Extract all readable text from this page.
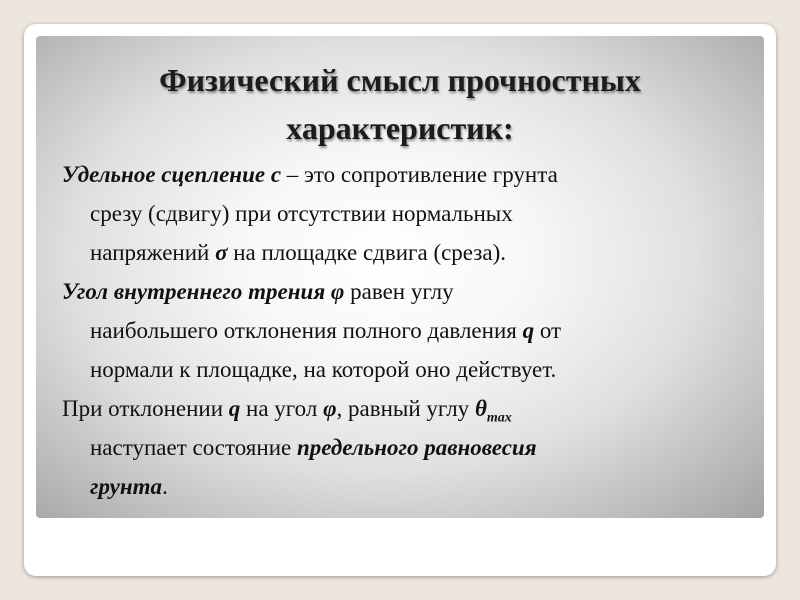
Физический смысл прочностных
характеристик:

Удельное сцепление с – это сопротивление грунта
срезу (сдвигу) при отсутствии нормальных
напряжений σ на площадке сдвига (среза).

Угол внутреннего трения φ равен углу
наибольшего отклонения полного давления q от
нормали к площадке, на которой оно действует.

При отклонении q на угол φ, равный углу $\theta_{max}$
наступает состояние предельного равновесия
грунта.
